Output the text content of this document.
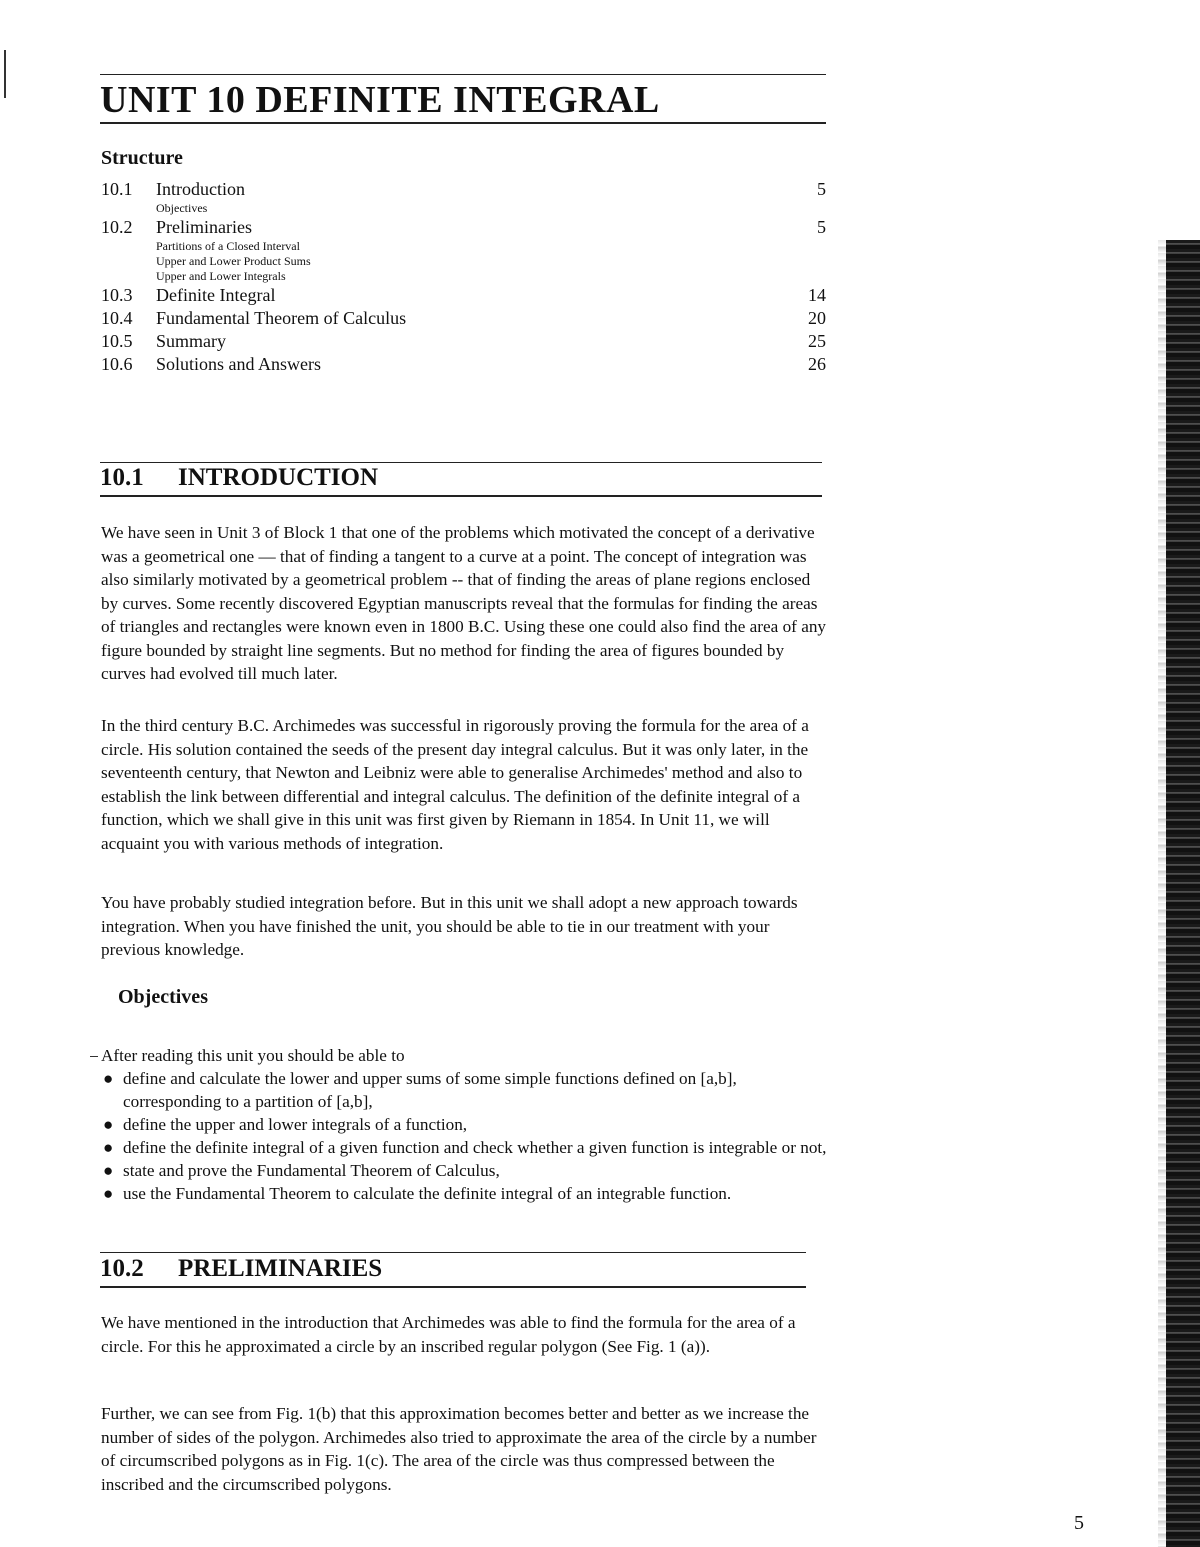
UNIT 10 DEFINITE INTEGRAL
Structure
10.1	Introduction	5
Objectives
10.2	Preliminaries	5
Partitions of a Closed Interval
Upper and Lower Product Sums
Upper and Lower Integrals
10.3	Definite Integral	14
10.4	Fundamental Theorem of Calculus	20
10.5	Summary	25
10.6	Solutions and Answers	26
10.1 INTRODUCTION

We have seen in Unit 3 of Block 1 that one of the problems which motivated the concept of a derivative was a geometrical one — that of finding a tangent to a curve at a point. The concept of integration was also similarly motivated by a geometrical problem -- that of finding the areas of plane regions enclosed by curves. Some recently discovered Egyptian manuscripts reveal that the formulas for finding the areas of triangles and rectangles were known even in 1800 B.C. Using these one could also find the area of any figure bounded by straight line segments. But no method for finding the area of figures bounded by curves had evolved till much later.

In the third century B.C. Archimedes was successful in rigorously proving the formula for the area of a circle. His solution contained the seeds of the present day integral calculus. But it was only later, in the seventeenth century, that Newton and Leibniz were able to generalise Archimedes' method and also to establish the link between differential and integral calculus. The definition of the definite integral of a function, which we shall give in this unit was first given by Riemann in 1854. In Unit 11, we will acquaint you with various methods of integration.

You have probably studied integration before. But in this unit we shall adopt a new approach towards integration. When you have finished the unit, you should be able to tie in our treatment with your previous knowledge.

Objectives
After reading this unit you should be able to
● define and calculate the lower and upper sums of some simple functions defined on [a,b], corresponding to a partition of [a,b],
● define the upper and lower integrals of a function,
● define the definite integral of a given function and check whether a given function is integrable or not,
● state and prove the Fundamental Theorem of Calculus,
● use the Fundamental Theorem to calculate the definite integral of an integrable function.
10.2 PRELIMINARIES

We have mentioned in the introduction that Archimedes was able to find the formula for the area of a circle. For this he approximated a circle by an inscribed regular polygon (See Fig. 1 (a)).

Further, we can see from Fig. 1(b) that this approximation becomes better and better as we increase the number of sides of the polygon. Archimedes also tried to approximate the area of the circle by a number of circumscribed polygons as in Fig. 1(c). The area of the circle was thus compressed between the inscribed and the circumscribed polygons.

5
